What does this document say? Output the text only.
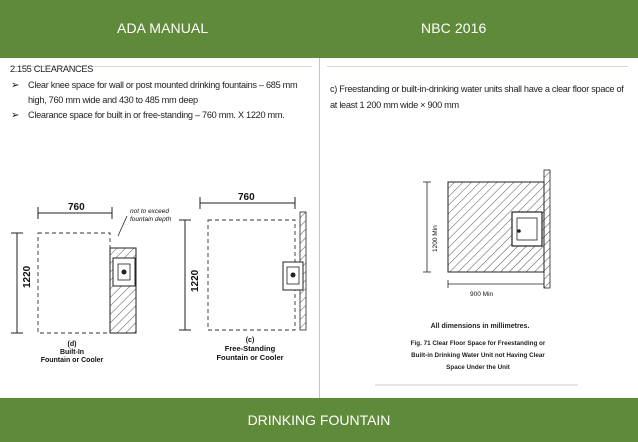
ADA MANUAL	NBC 2016
2.155 CLEARANCES
➢ Clear knee space for wall or post mounted drinking fountains – 685 mm high, 760 mm wide and 430 to 485 mm deep
➢ Clearance space for built in or free-standing – 760 mm. X 1220 mm.
760	not to exceed
fountain depth
1220
(d)
Built-In
Fountain or Cooler
760
1220
(c)
Free-Standing
Fountain or Cooler
1200 Min
900 Min
All dimensions in millimetres.
Fig. 71 Clear Floor Space for Freestanding or
Built-in Drinking Water Unit not Having Clear
Space Under the Unit
c) Freestanding or built-in-drinking water units shall have a clear floor space of at least 1 200 mm wide × 900 mm
DRINKING FOUNTAIN
